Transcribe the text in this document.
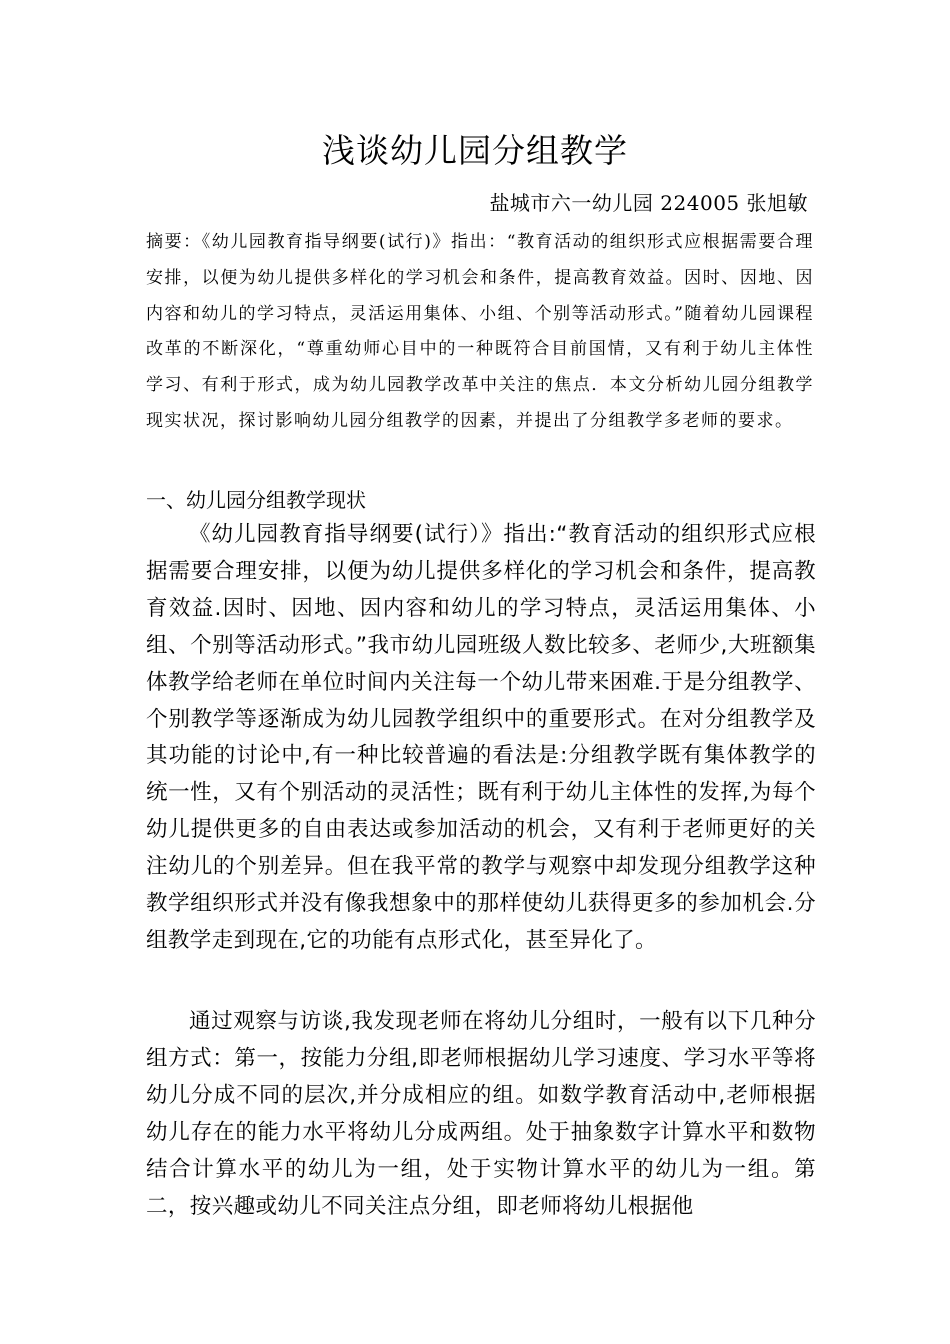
浅谈幼儿园分组教学

盐城市六一幼儿园 224005 张旭敏

摘要：《幼儿园教育指导纲要(试行)》指出：“教育活动的组织形式应根据需要合理安排，以便为幼儿提供多样化的学习机会和条件，提高教育效益。因时、因地、因内容和幼儿的学习特点，灵活运用集体、小组、个别等活动形式。”随着幼儿园课程改革的不断深化，“尊重幼师心目中的一种既符合目前国情，又有利于幼儿主体性学习、有利于形式，成为幼儿园教学改革中关注的焦点．本文分析幼儿园分组教学现实状况，探讨影响幼儿园分组教学的因素，并提出了分组教学多老师的要求。

一、幼儿园分组教学现状

《幼儿园教育指导纲要(试行）》指出:“教育活动的组织形式应根据需要合理安排，以便为幼儿提供多样化的学习机会和条件，提高教育效益.因时、因地、因内容和幼儿的学习特点，灵活运用集体、小组、个别等活动形式。”我市幼儿园班级人数比较多、老师少,大班额集体教学给老师在单位时间内关注每一个幼儿带来困难.于是分组教学、个别教学等逐渐成为幼儿园教学组织中的重要形式。在对分组教学及其功能的讨论中,有一种比较普遍的看法是:分组教学既有集体教学的统一性，又有个别活动的灵活性；既有利于幼儿主体性的发挥,为每个幼儿提供更多的自由表达或参加活动的机会，又有利于老师更好的关注幼儿的个别差异。但在我平常的教学与观察中却发现分组教学这种教学组织形式并没有像我想象中的那样使幼儿获得更多的参加机会.分组教学走到现在,它的功能有点形式化，甚至异化了。

通过观察与访谈,我发现老师在将幼儿分组时，一般有以下几种分组方式：第一，按能力分组,即老师根据幼儿学习速度、学习水平等将幼儿分成不同的层次,并分成相应的组。如数学教育活动中,老师根据幼儿存在的能力水平将幼儿分成两组。处于抽象数字计算水平和数物结合计算水平的幼儿为一组，处于实物计算水平的幼儿为一组。第二，按兴趣或幼儿不同关注点分组，即老师将幼儿根据他
